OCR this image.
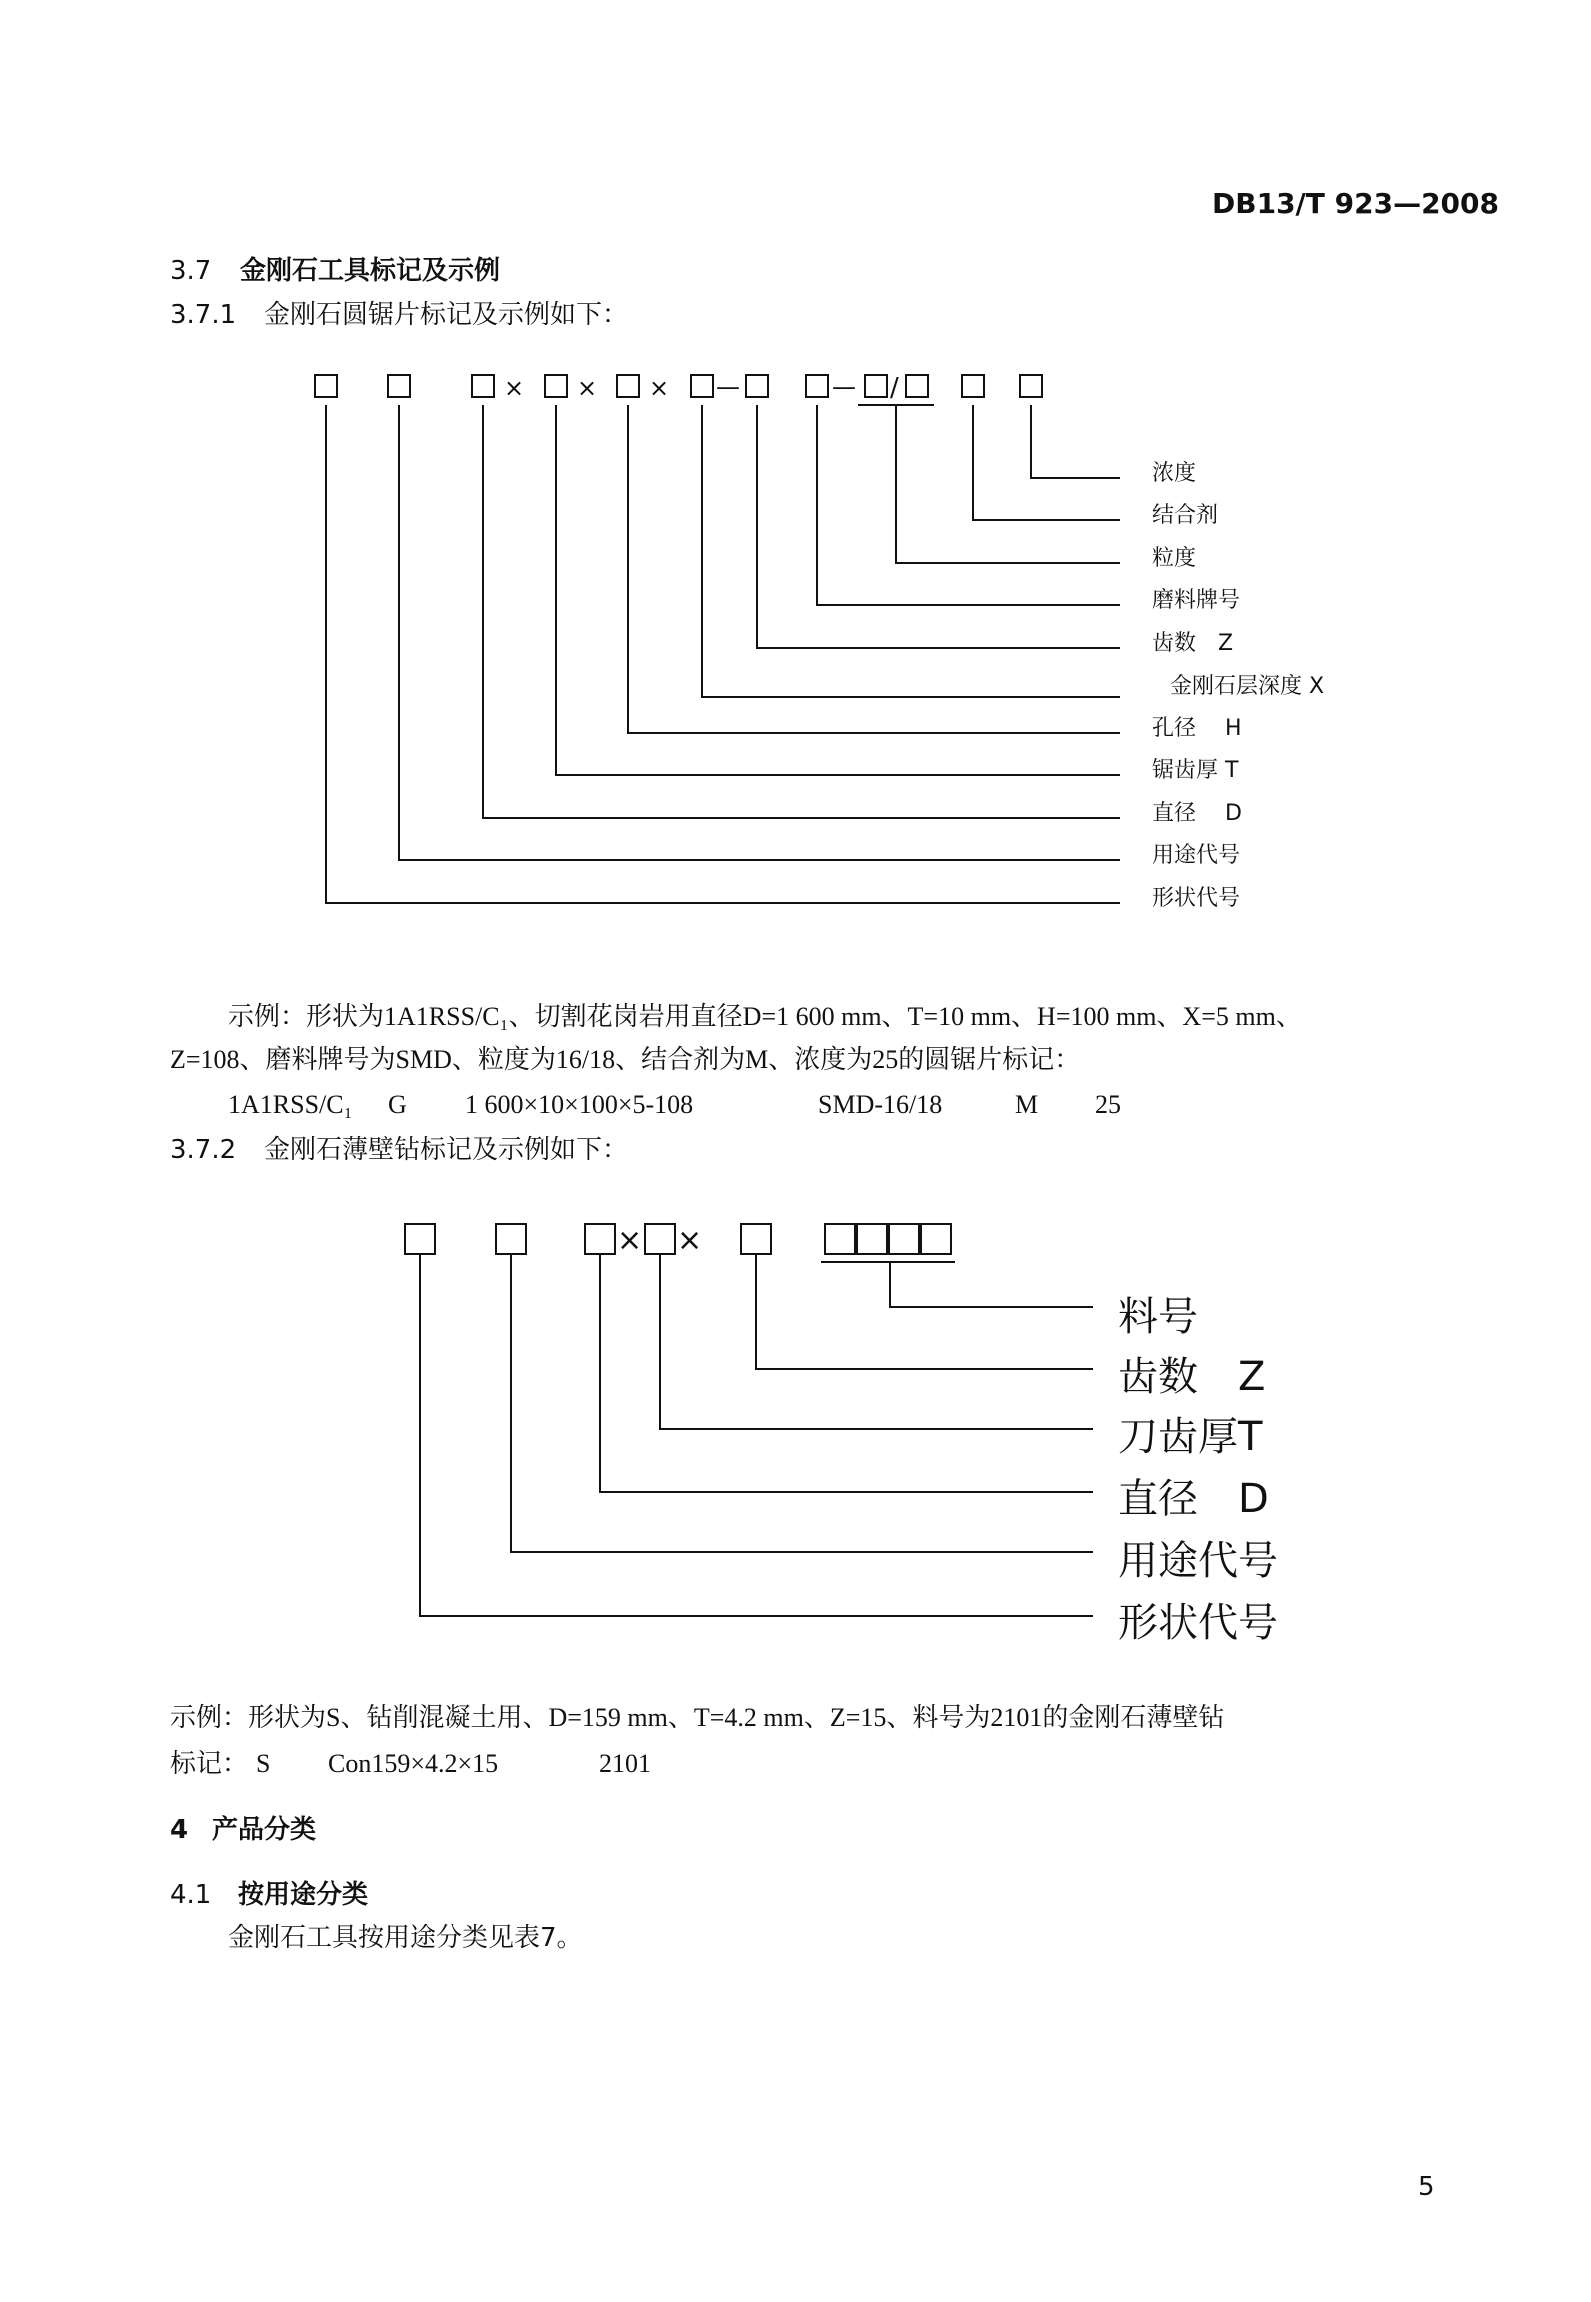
DB13/T 923—2008
3.7 金刚石工具标记及示例
3.7.1 金刚石圆锯片标记及示例如下：
× × × —	— /
浓度
结合剂
粒度
磨料牌号
齿数　Z
金刚石层深度 X
孔径　 H
锯齿厚 T
直径　 D
用途代号
形状代号
示例：形状为1A1RSS/C₁、切割花岗岩用直径D=1 600 mm、T=10 mm、H=100 mm、X=5 mm、
Z=108、磨料牌号为SMD、粒度为16/18、结合剂为M、浓度为25的圆锯片标记：
1A1RSS/C₁ G 1 600×10×100×5-108	SMD-16/18	M 25
3.7.2 金刚石薄壁钻标记及示例如下：
× ×
料号
齿数　Z
刀齿厚T
直径　D
用途代号
形状代号
示例：形状为S、钻削混凝土用、D=159 mm、T=4.2 mm、Z=15、料号为2101的金刚石薄壁钻
标记： S Con159×4.2×15	2101
4 产品分类
4.1 按用途分类
金刚石工具按用途分类见表7。
5
